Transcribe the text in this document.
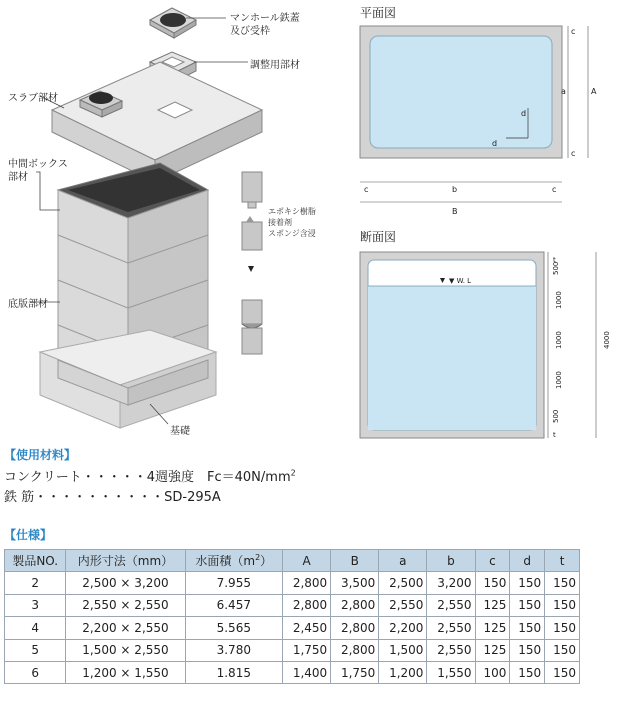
マンホール鉄蓋
及び受枠
調整用部材
スラブ部材
中間ボックス
部材
底版部材
基礎
エポキシ樹脂
接着剤
スポンジ含浸
平面図
d
d
c
a	A
c
c	b	c
B
断面図
▼ W. L
t
500
1000
1000
1000
500
t
4000
【使用材料】
コンクリート・・・・・4週強度　$Fc=40N/mm^2$
鉄 筋・・・・・・・・・・SD-295A
【仕様】
製品NO.	内形寸法（mm）	水面積$(m^2)$	A	B	a	b	c	d	t
2	2,500 × 3,200	7.955	2,800	3,500	2,500	3,200	150	150	150
3	2,550 × 2,550	6.457	2,800	2,800	2,550	2,550	125	150	150
4	2,200 × 2,550	5.565	2,450	2,800	2,200	2,550	125	150	150
5	1,500 × 2,550	3.780	1,750	2,800	1,500	2,550	125	150	150
6	1,200 × 1,550	1.815	1,400	1,750	1,200	1,550	100	150	150
